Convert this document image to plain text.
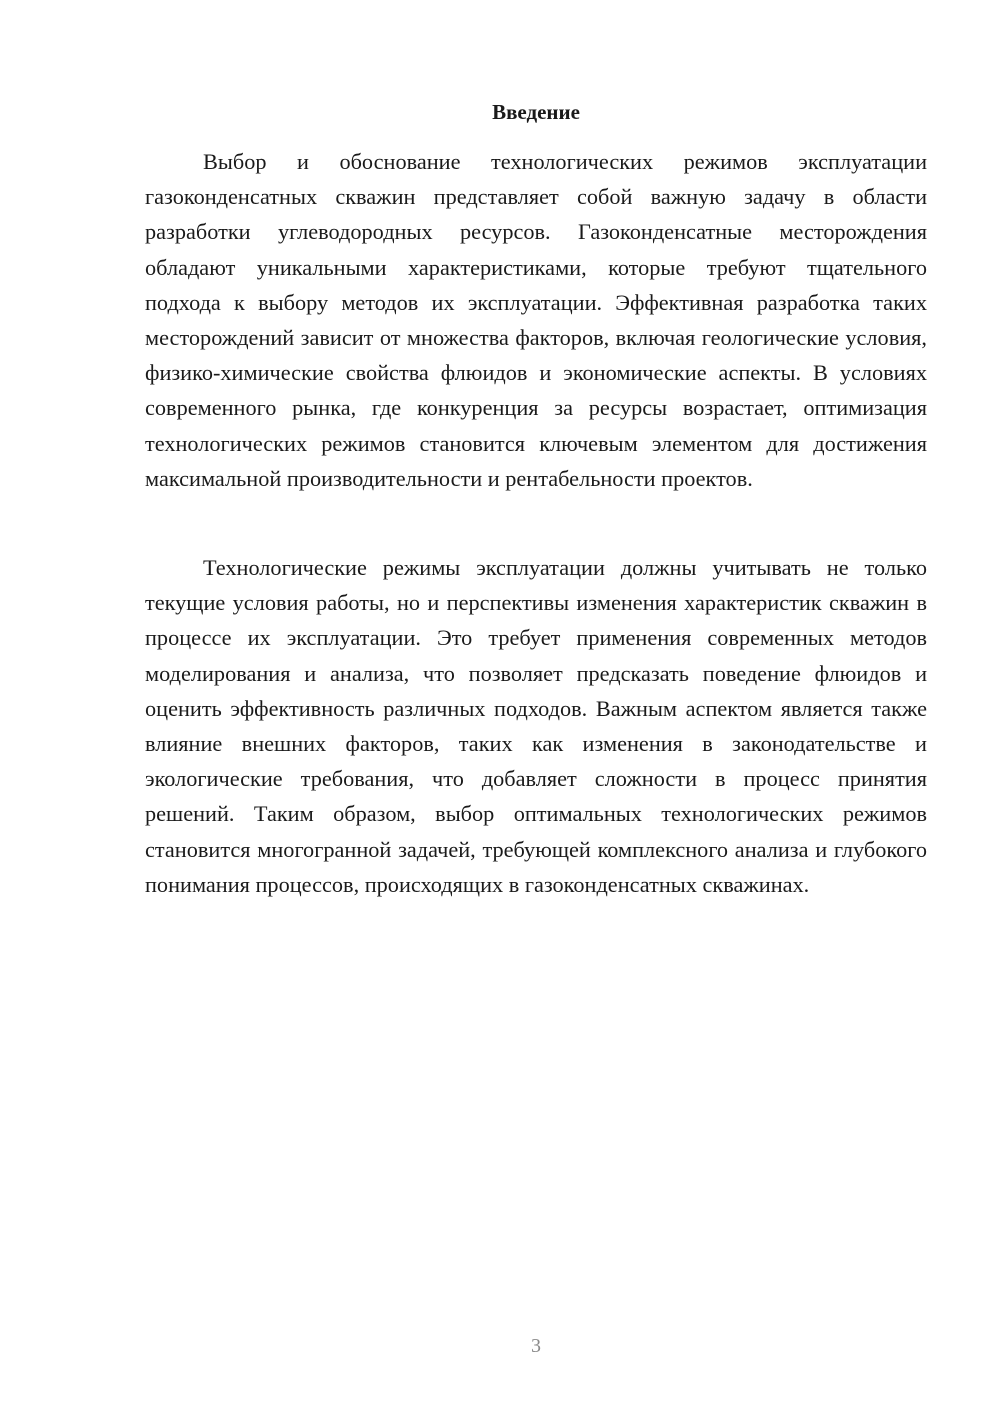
Введение

Выбор и обоснование технологических режимов эксплуатации газоконденсатных скважин представляет собой важную задачу в области разработки углеводородных ресурсов. Газоконденсатные месторождения обладают уникальными характеристиками, которые требуют тщательного подхода к выбору методов их эксплуатации. Эффективная разработка таких месторождений зависит от множества факторов, включая геологические условия, физико-химические свойства флюидов и экономические аспекты. В условиях современного рынка, где конкуренция за ресурсы возрастает, оптимизация технологических режимов становится ключевым элементом для достижения максимальной производительности и рентабельности проектов.

Технологические режимы эксплуатации должны учитывать не только текущие условия работы, но и перспективы изменения характеристик скважин в процессе их эксплуатации. Это требует применения современных методов моделирования и анализа, что позволяет предсказать поведение флюидов и оценить эффективность различных подходов. Важным аспектом является также влияние внешних факторов, таких как изменения в законодательстве и экологические требования, что добавляет сложности в процесс принятия решений. Таким образом, выбор оптимальных технологических режимов становится многогранной задачей, требующей комплексного анализа и глубокого понимания процессов, происходящих в газоконденсатных скважинах.

3
